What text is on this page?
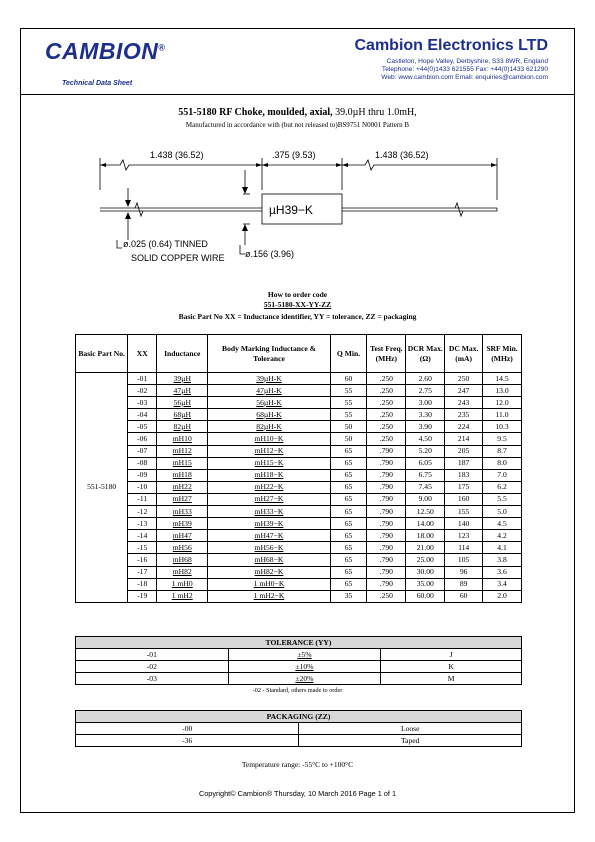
CAMBION®
Technical Data Sheet
Cambion Electronics LTD
Castleton, Hope Valley, Derbyshire, S33 8WR, England
Telephone: +44(0)1433 621555 Fax: +44(0)1433 621290
Web: www.cambion.com Email: enquiries@cambion.com
551-5180 RF Choke, moulded, axial, 39.0µH thru 1.0mH,
Manufactured in accordance with (but not released to)BS9751 N0001 Pattern B
1.438 (36.52)	.375 (9.53)	1.438 (36.52)
µH39−K
ø.025 (0.64) TINNED
SOLID COPPER WIRE ø.156 (3.96)
How to order code
551-5180-XX-YY-ZZ
Basic Part No XX = Inductance identifier, YY = tolerance, ZZ = packaging
Basic Part No.	XX	Inductance	Body Marking Inductance & Tolerance	Q Min.	Test Freq. (MHz)	DCR Max. (Ω)	DC Max. (mA)	SRF Min. (MHz)
551-5180	-01	39µH	39µH-K	60	.250	2.60	250	14.5
	-02	47µH	47µH-K	55	.250	2.75	247	13.0
	-03	56µH	56µH-K	55	.250	3.00	243	12.0
	-04	68µH	68µH-K	55	.250	3.30	235	11.0
	-05	82µH	82µH-K	50	.250	3.90	224	10.3
	-06	mH10	mH10−K	50	.250	4.50	214	9.5
	-07	mH12	mH12−K	65	.790	5.20	205	8.7
	-08	mH15	mH15−K	65	.790	6.05	187	8.0
	-09	mH18	mH18−K	65	.790	6.75	183	7.0
	-10	mH22	mH22−K	65	.790	7.45	175	6.2
	-11	mH27	mH27−K	65	.790	9.00	160	5.5
	-12	mH33	mH33−K	65	.790	12.50	155	5.0
	-13	mH39	mH39−K	65	.790	14.00	140	4.5
	-14	mH47	mH47−K	65	.790	18.00	123	4.2
	-15	mH56	mH56−K	65	.790	21.00	114	4.1
	-16	mH68	mH68−K	65	.790	25.00	105	3.8
	-17	mH82	mH82−K	65	.790	30.00	96	3.6
	-18	1 mH0	1 mH0−K	65	.790	35.00	89	3.4
	-19	1 mH2	1 mH2−K	35	.250	60.00	60	2.0
TOLERANCE (YY)		
-01	±5%	J
-02	±10%	K
-03	±20%	M
-02 - Standard, others made to order
PACKAGING (ZZ)	
-00	Loose
-36	Taped
Temperature range: -55°C to +100°C
Copyright© Cambion® Thursday, 10 March 2016 Page 1 of 1
